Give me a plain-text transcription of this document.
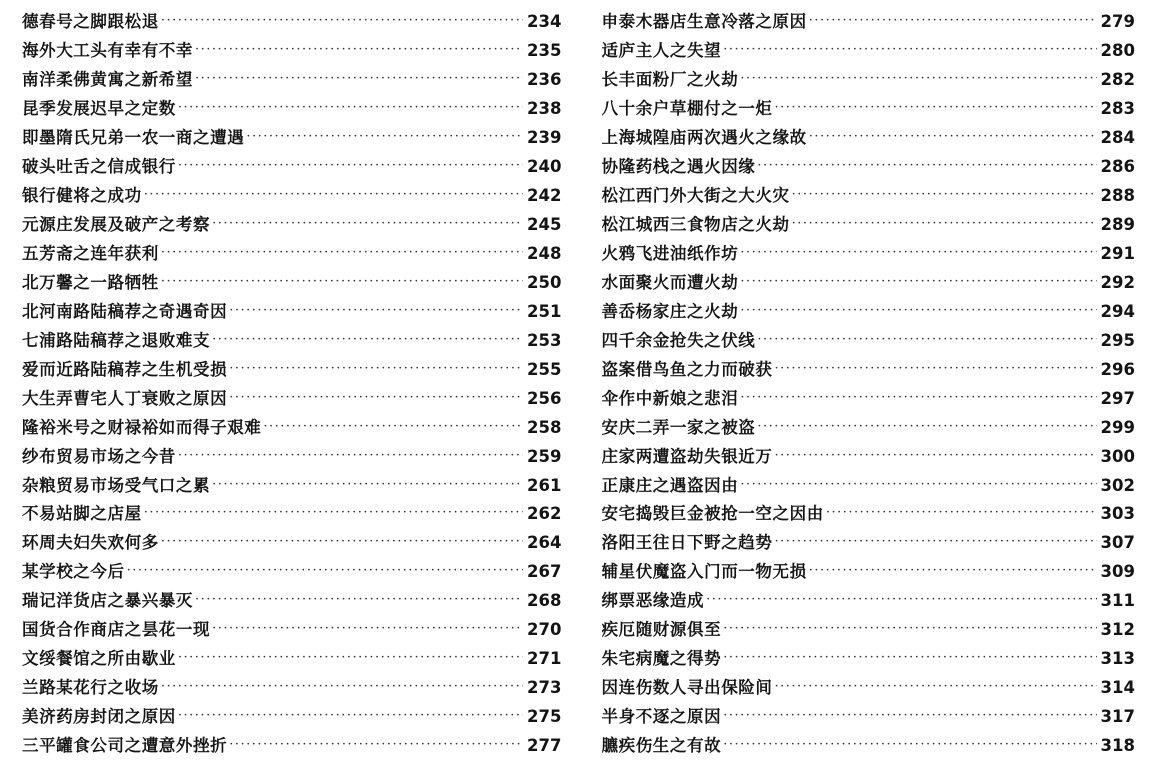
德春号之脚跟松退 ·····	234
海外大工头有幸有不幸 ·····	235
南洋柔佛黄寓之新希望 ·····	236
昆季发展迟早之定数 ·····	238
即墨隋氏兄弟一农一商之遭遇 ·····	239
破头吐舌之信成银行 ·····	240
银行健将之成功 ·····	242
元源庄发展及破产之考察 ·····	245
五芳斋之连年获利 ·····	248
北万馨之一路牺牲 ·····	250
北河南路陆稿荐之奇遇奇因 ·····	251
七浦路陆稿荐之退败难支 ·····	253
爱而近路陆稿荐之生机受损 ·····	255
大生弄曹宅人丁衰败之原因 ·····	256
隆裕米号之财禄裕如而得子艰难 ·····	258
纱布贸易市场之今昔 ·····	259
杂粮贸易市场受气口之累 ·····	261
不易站脚之店屋 ·····	262
环周夫妇失欢何多 ·····	264
某学校之今后 ·····	267
瑞记洋货店之暴兴暴灭 ·····	268
国货合作商店之昙花一现 ·····	270
文绥餐馆之所由歇业 ·····	271
兰路某花行之收场 ·····	273
美济药房封闭之原因 ·····	275
三平罐食公司之遭意外挫折 ·····	277
申泰木器店生意冷落之原因 ·····	279
适庐主人之失望 ·····	280
长丰面粉厂之火劫 ·····	282
八十余户草棚付之一炬 ·····	283
上海城隍庙两次遇火之缘故 ·····	284
协隆药栈之遇火因缘 ·····	286
松江西门外大街之大火灾 ·····	288
松江城西三食物店之火劫 ·····	289
火鸦飞进油纸作坊 ·····	291
水面聚火而遭火劫 ·····	292
善岙杨家庄之火劫 ·····	294
四千余金抢失之伏线 ·····	295
盗案借鸟鱼之力而破获 ·····	296
伞作中新娘之悲泪 ·····	297
安庆二弄一家之被盗 ·····	299
庄家两遭盗劫失银近万 ·····	300
正康庄之遇盗因由 ·····	302
安宅捣毁巨金被抢一空之因由 ·····	303
洛阳王往日下野之趋势 ·····	307
辅星伏魔盗入门而一物无损 ·····	309
绑票恶缘造成 ·····	311
疾厄随财源俱至 ·····	312
朱宅病魔之得势 ·····	313
因连伤数人寻出保险间 ·····	314
半身不逐之原因 ·····	317
臕疾伤生之有故 ·····	318
